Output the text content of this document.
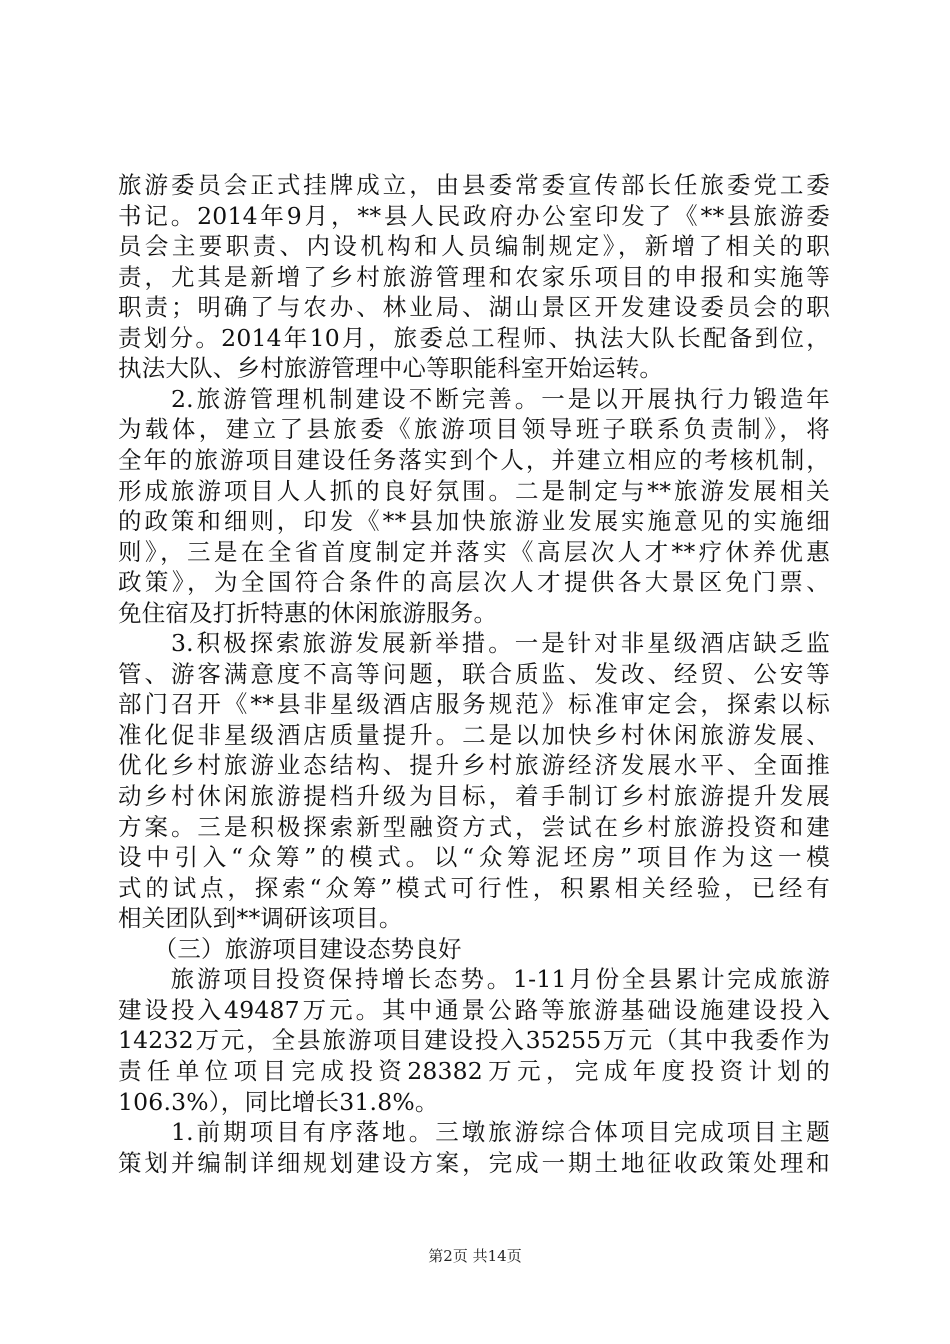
旅游委员会正式挂牌成立，由县委常委宣传部长任旅委党工委
书记。2014年9月，**县人民政府办公室印发了《**县旅游委
员会主要职责、内设机构和人员编制规定》，新增了相关的职
责，尤其是新增了乡村旅游管理和农家乐项目的申报和实施等
职责；明确了与农办、林业局、湖山景区开发建设委员会的职
责划分。2014年10月，旅委总工程师、执法大队长配备到位，
执法大队、乡村旅游管理中心等职能科室开始运转。
　　2.旅游管理机制建设不断完善。一是以开展执行力锻造年
为载体，建立了县旅委《旅游项目领导班子联系负责制》，将
全年的旅游项目建设任务落实到个人，并建立相应的考核机制，
形成旅游项目人人抓的良好氛围。二是制定与**旅游发展相关
的政策和细则，印发《**县加快旅游业发展实施意见的实施细
则》，三是在全省首度制定并落实《高层次人才**疗休养优惠
政策》，为全国符合条件的高层次人才提供各大景区免门票、
免住宿及打折特惠的休闲旅游服务。
　　3.积极探索旅游发展新举措。一是针对非星级酒店缺乏监
管、游客满意度不高等问题，联合质监、发改、经贸、公安等
部门召开《**县非星级酒店服务规范》标准审定会，探索以标
准化促非星级酒店质量提升。二是以加快乡村休闲旅游发展、
优化乡村旅游业态结构、提升乡村旅游经济发展水平、全面推
动乡村休闲旅游提档升级为目标，着手制订乡村旅游提升发展
方案。三是积极探索新型融资方式，尝试在乡村旅游投资和建
设中引入“众筹”的模式。以“众筹泥坯房”项目作为这一模
式的试点，探索“众筹”模式可行性，积累相关经验，已经有
相关团队到**调研该项目。
　　（三）旅游项目建设态势良好
　　旅游项目投资保持增长态势。1-11月份全县累计完成旅游
建设投入49487万元。其中通景公路等旅游基础设施建设投入
14232万元，全县旅游项目建设投入35255万元（其中我委作为
责任单位项目完成投资28382万元，完成年度投资计划的
106.3%），同比增长31.8%。
　　1.前期项目有序落地。三墩旅游综合体项目完成项目主题
策划并编制详细规划建设方案，完成一期土地征收政策处理和
第2页 共14页
